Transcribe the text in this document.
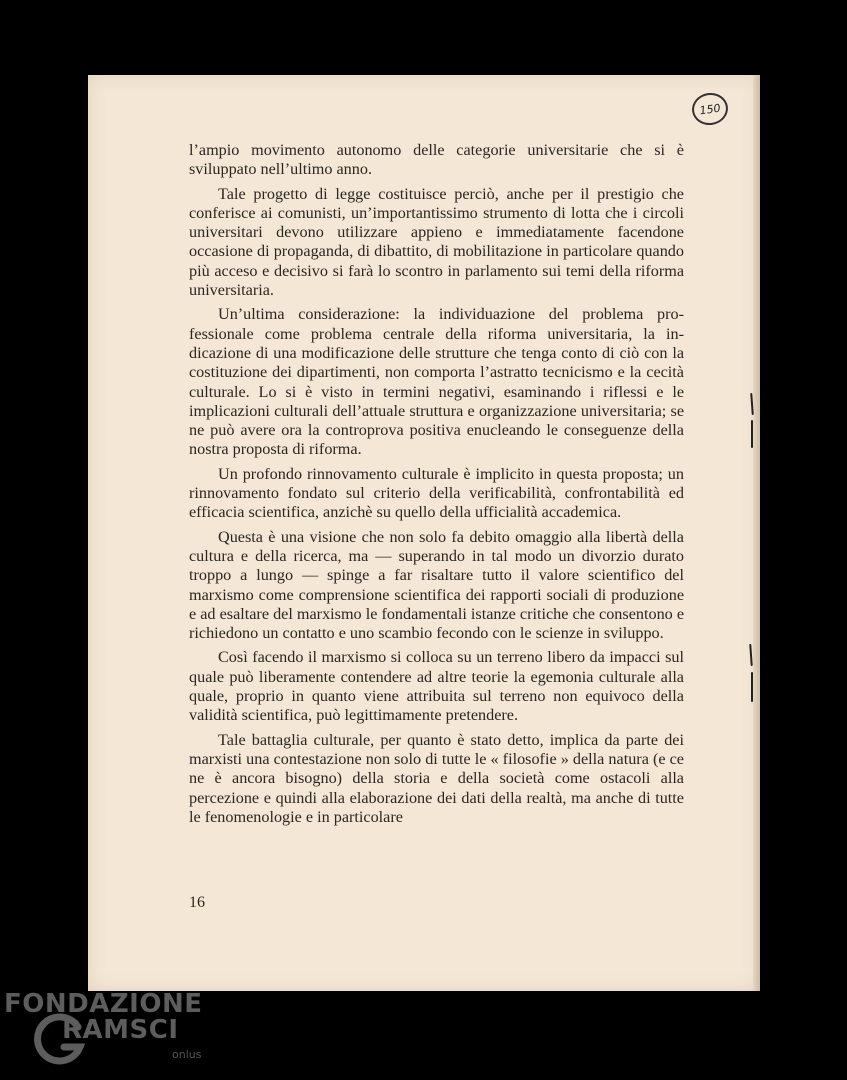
150

l’ampio movimento autonomo delle categorie universitarie che si è sviluppato nell’ultimo anno.

Tale progetto di legge costituisce perciò, anche per il prestigio che conferisce ai comunisti, un’importantissimo strumento di lotta che i circoli universitari devono utilizzare appieno e immediatamente facendone occasione di propaganda, di dibattito, di mobilitazione in particolare quando più acceso e decisivo si farà lo scontro in parlamento sui temi della riforma universitaria.

Un’ultima considerazione: la individuazione del problema professionale come problema centrale della riforma universitaria, la indicazione di una modificazione delle strutture che tenga conto di ciò con la costituzione dei dipartimenti, non comporta l’astratto tecnicismo e la cecità culturale. Lo si è visto in termini negativi, esaminando i riflessi e le implicazioni culturali dell’attuale struttura e organizzazione universitaria; se ne può avere ora la controprova positiva enucleando le conseguenze della nostra proposta di riforma.

Un profondo rinnovamento culturale è implicito in questa proposta; un rinnovamento fondato sul criterio della verificabilità, confrontabilità ed efficacia scientifica, anzichè su quello della ufficialità accademica.

Questa è una visione che non solo fa debito omaggio alla libertà della cultura e della ricerca, ma — superando in tal modo un divorzio durato troppo a lungo — spinge a far risaltare tutto il valore scientifico del marxismo come comprensione scientifica dei rapporti sociali di produzione e ad esaltare del marxismo le fondamentali istanze critiche che consentono e richiedono un contatto e uno scambio fecondo con le scienze in sviluppo.

Così facendo il marxismo si colloca su un terreno libero da impacci sul quale può liberamente contendere ad altre teorie la egemonia culturale alla quale, proprio in quanto viene attribuita sul terreno non equivoco della validità scientifica, può legittimamente pretendere.

Tale battaglia culturale, per quanto è stato detto, implica da parte dei marxisti una contestazione non solo di tutte le « filosofie » della natura (e ce ne è ancora bisogno) della storia e della società come ostacoli alla percezione e quindi alla elaborazione dei dati della realtà, ma anche di tutte le fenomenologie e in particolare

16
FONDAZIONE
RAMSCI
onlus
